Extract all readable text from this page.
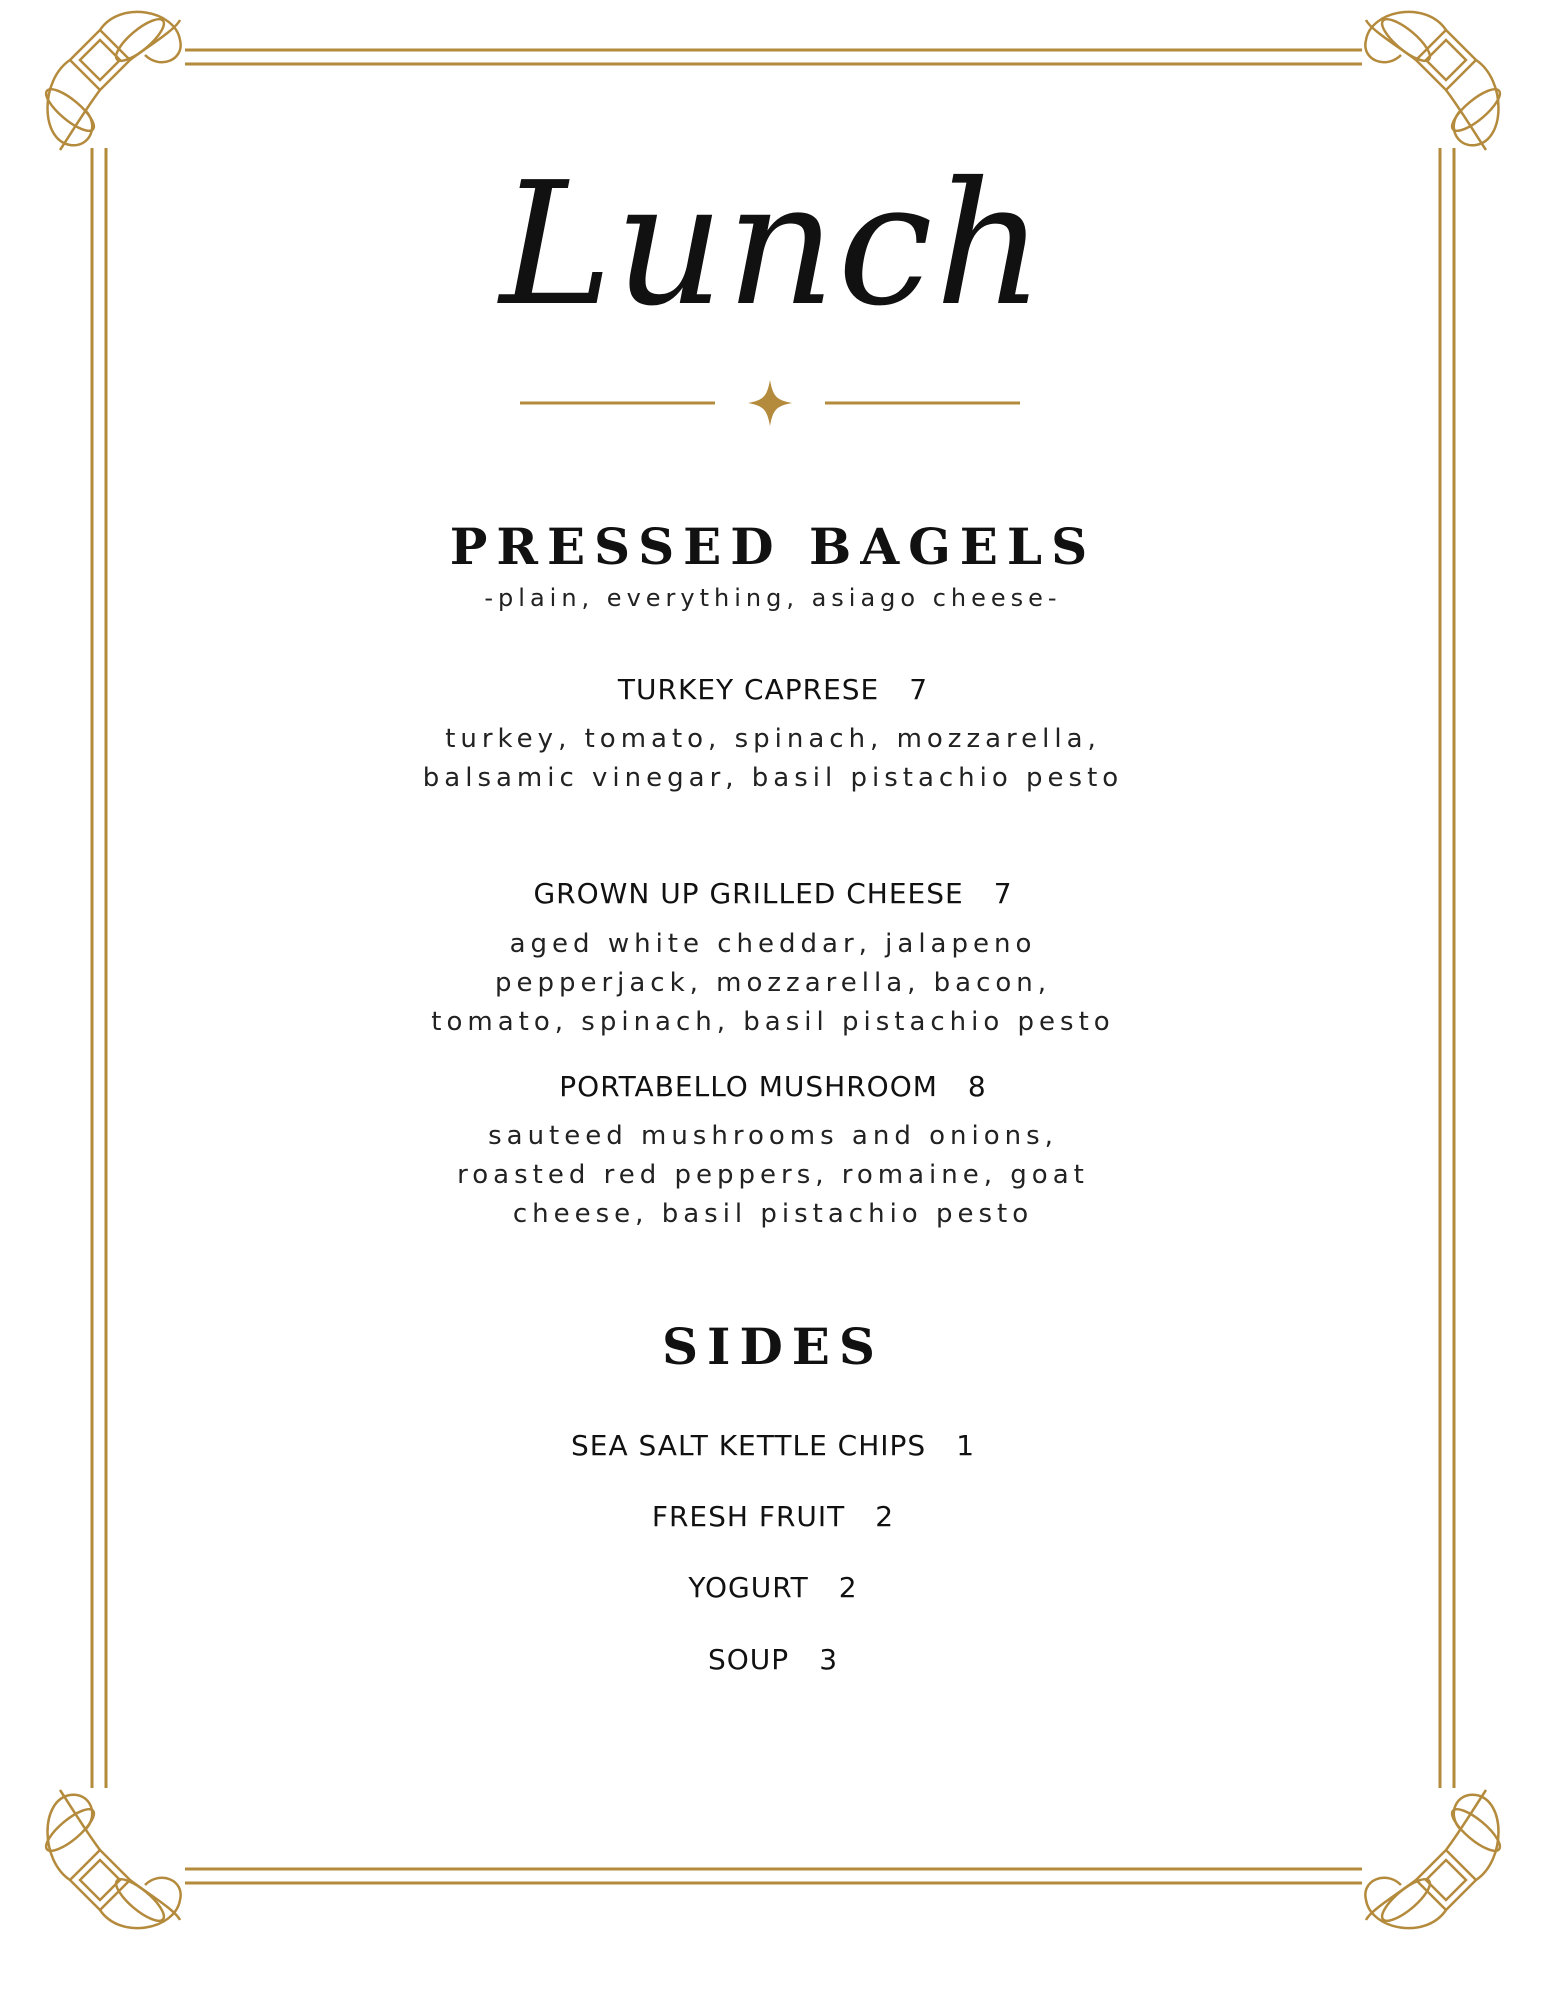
Lunch
PRESSED BAGELS
-plain, everything, asiago cheese-
TURKEY CAPRESE 7
turkey, tomato, spinach, mozzarella,
balsamic vinegar, basil pistachio pesto
GROWN UP GRILLED CHEESE 7
aged white cheddar, jalapeno
pepperjack, mozzarella, bacon,
tomato, spinach, basil pistachio pesto
PORTABELLO MUSHROOM 8
sauteed mushrooms and onions,
roasted red peppers, romaine, goat
cheese, basil pistachio pesto
SIDES
SEA SALT KETTLE CHIPS 1
FRESH FRUIT 2
YOGURT 2
SOUP 3
